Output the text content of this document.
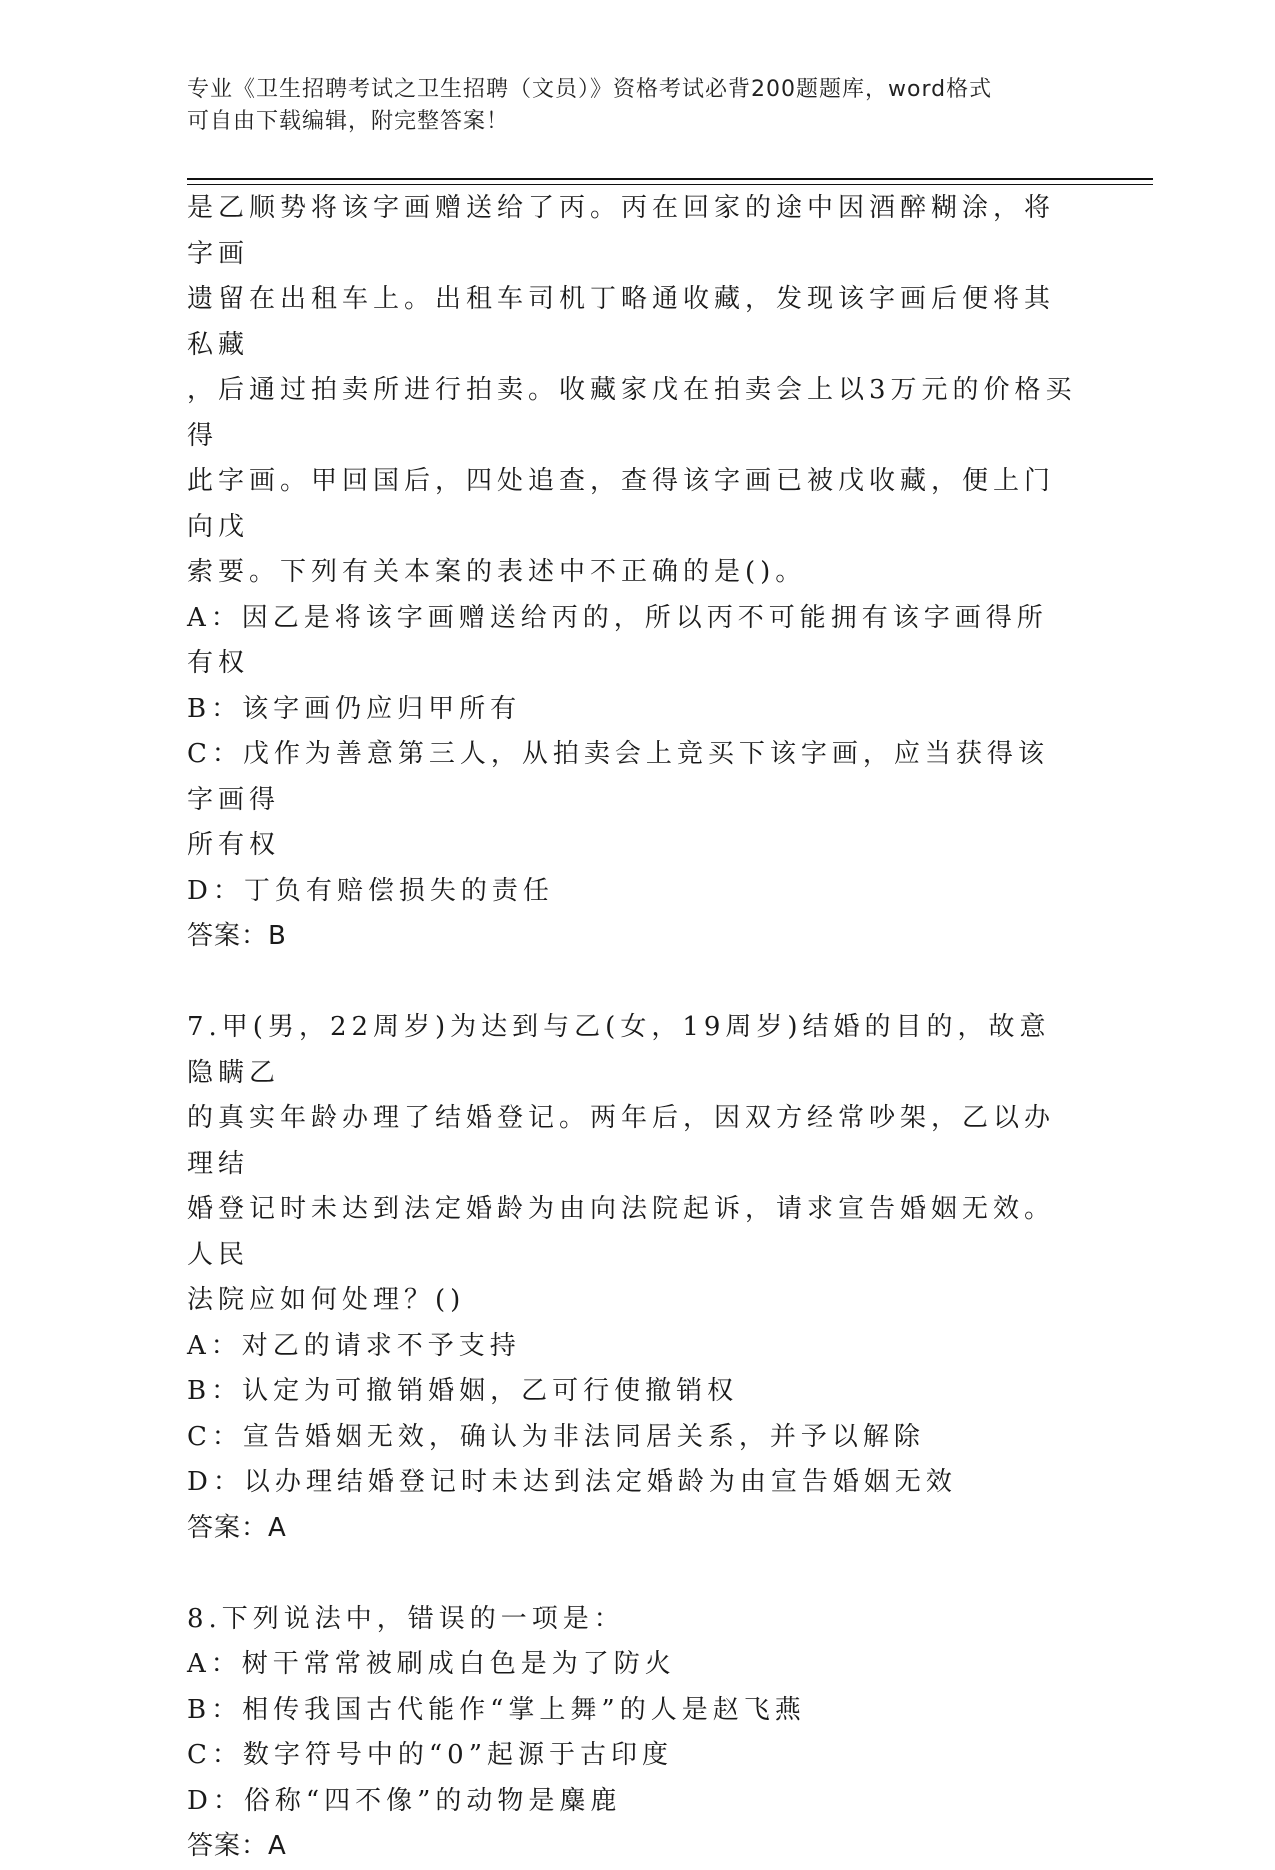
专业《卫生招聘考试之卫生招聘（文员）》资格考试必背200题题库，word格式
可自由下载编辑，附完整答案！

是乙顺势将该字画赠送给了丙。丙在回家的途中因酒醉糊涂，将字画

遗留在出租车上。出租车司机丁略通收藏，发现该字画后便将其私藏

，后通过拍卖所进行拍卖。收藏家戊在拍卖会上以3万元的价格买得

此字画。甲回国后，四处追查，查得该字画已被戊收藏，便上门向戊

索要。下列有关本案的表述中不正确的是()。

A：因乙是将该字画赠送给丙的，所以丙不可能拥有该字画得所有权

B：该字画仍应归甲所有

C：戊作为善意第三人，从拍卖会上竞买下该字画，应当获得该字画得

所有权

D：丁负有赔偿损失的责任

答案：B

7.甲(男，22周岁)为达到与乙(女，19周岁)结婚的目的，故意隐瞒乙

的真实年龄办理了结婚登记。两年后，因双方经常吵架，乙以办理结

婚登记时未达到法定婚龄为由向法院起诉，请求宣告婚姻无效。人民

法院应如何处理？()

A：对乙的请求不予支持

B：认定为可撤销婚姻，乙可行使撤销权

C：宣告婚姻无效，确认为非法同居关系，并予以解除

D：以办理结婚登记时未达到法定婚龄为由宣告婚姻无效

答案：A

8.下列说法中，错误的一项是：

A：树干常常被刷成白色是为了防火

B：相传我国古代能作“掌上舞”的人是赵飞燕

C：数字符号中的“0”起源于古印度

D：俗称“四不像”的动物是麋鹿

答案：A
